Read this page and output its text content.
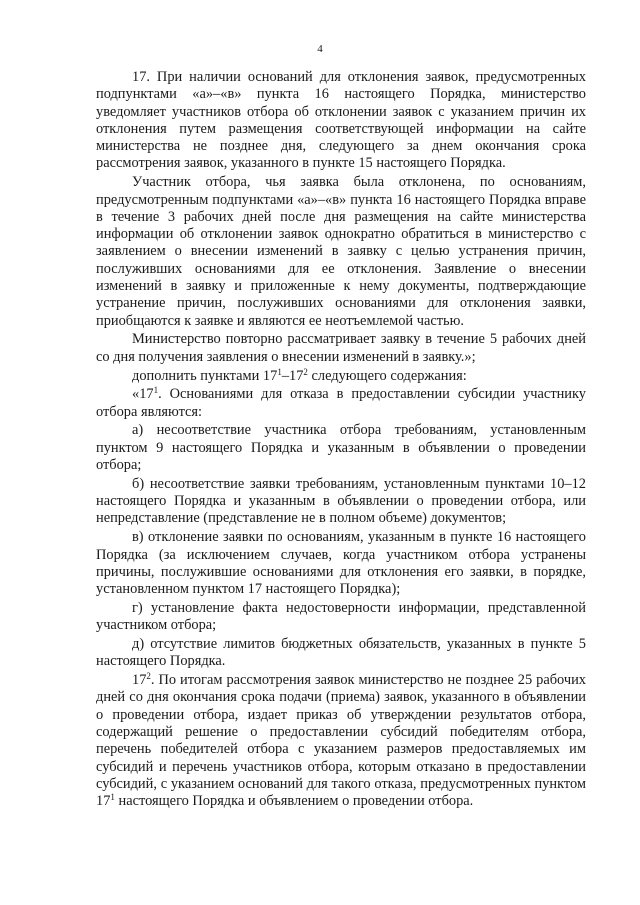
4

17. При наличии оснований для отклонения заявок, предусмотренных подпунктами «а»–«в» пункта 16 настоящего Порядка, министерство уведомляет участников отбора об отклонении заявок с указанием причин их отклонения путем размещения соответствующей информации на сайте министерства не позднее дня, следующего за днем окончания срока рассмотрения заявок, указанного в пункте 15 настоящего Порядка.

Участник отбора, чья заявка была отклонена, по основаниям, предусмотренным подпунктами «а»–«в» пункта 16 настоящего Порядка вправе в течение 3 рабочих дней после дня размещения на сайте министерства информации об отклонении заявок однократно обратиться в министерство с заявлением о внесении изменений в заявку с целью устранения причин, послуживших основаниями для ее отклонения. Заявление о внесении изменений в заявку и приложенные к нему документы, подтверждающие устранение причин, послуживших основаниями для отклонения заявки, приобщаются к заявке и являются ее неотъемлемой частью.

Министерство повторно рассматривает заявку в течение 5 рабочих дней со дня получения заявления о внесении изменений в заявку.»;

дополнить пунктами $17^1-17^2$ следующего содержания:

«$17^1$. Основаниями для отказа в предоставлении субсидии участнику отбора являются:

а) несоответствие участника отбора требованиям, установленным пунктом 9 настоящего Порядка и указанным в объявлении о проведении отбора;

б) несоответствие заявки требованиям, установленным пунктами 10–12 настоящего Порядка и указанным в объявлении о проведении отбора, или непредставление (представление не в полном объеме) документов;

в) отклонение заявки по основаниям, указанным в пункте 16 настоящего Порядка (за исключением случаев, когда участником отбора устранены причины, послужившие основаниями для отклонения его заявки, в порядке, установленном пунктом 17 настоящего Порядка);

г) установление факта недостоверности информации, представленной участником отбора;

д) отсутствие лимитов бюджетных обязательств, указанных в пункте 5 настоящего Порядка.

$17^2$. По итогам рассмотрения заявок министерство не позднее 25 рабочих дней со дня окончания срока подачи (приема) заявок, указанного в объявлении о проведении отбора, издает приказ об утверждении результатов отбора, содержащий решение о предоставлении субсидий победителям отбора, перечень победителей отбора с указанием размеров предоставляемых им субсидий и перечень участников отбора, которым отказано в предоставлении субсидий, с указанием оснований для такого отказа, предусмотренных пунктом $17^1$ настоящего Порядка и объявлением о проведении отбора.
